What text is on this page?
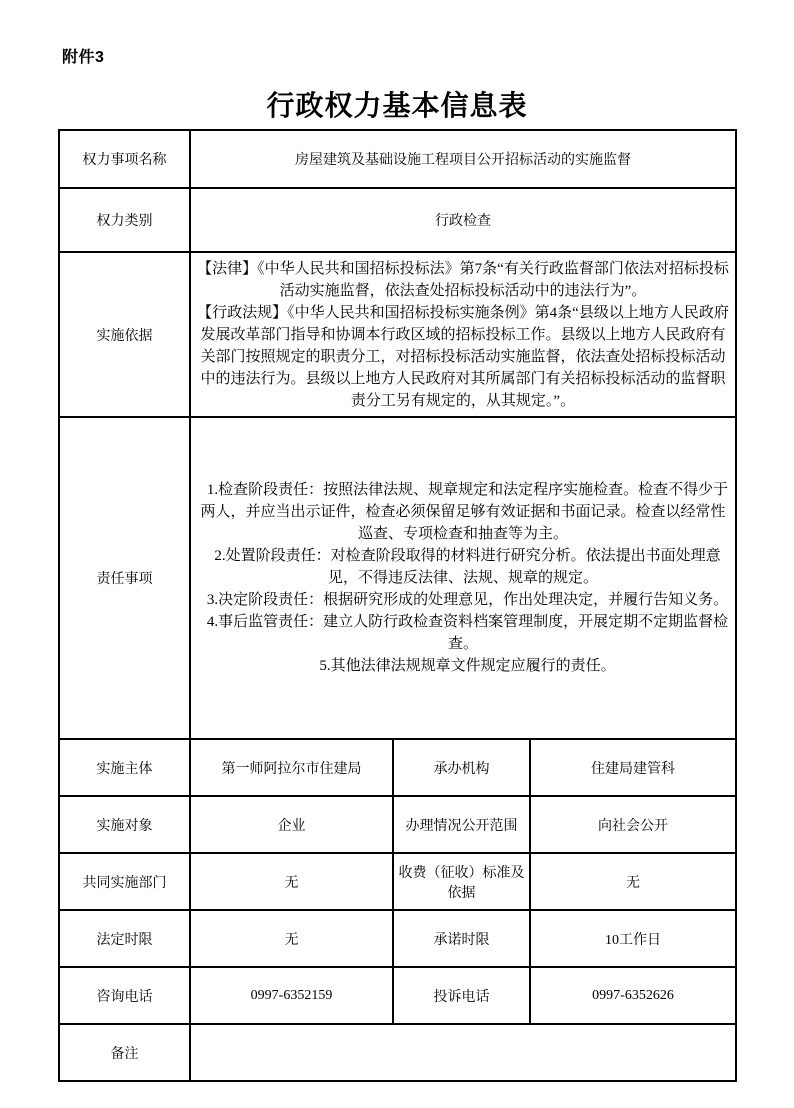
附件3
行政权力基本信息表
权力事项名称	房屋建筑及基础设施工程项目公开招标活动的实施监督		
权力类别	行政检查		
实施依据	【法律】《中华人民共和国招标投标法》第7条“有关行政监督部门依法对招标投标活动实施监督，依法查处招标投标活动中的违法行为”。

【行政法规】《中华人民共和国招标投标实施条例》第4条“县级以上地方人民政府发展改革部门指导和协调本行政区域的招标投标工作。县级以上地方人民政府有关部门按照规定的职责分工，对招标投标活动实施监督，依法查处招标投标活动中的违法行为。县级以上地方人民政府对其所属部门有关招标投标活动的监督职责分工另有规定的，从其规定。”。		

责任事项	1.检查阶段责任：按照法律法规、规章规定和法定程序实施检查。检查不得少于两人，并应当出示证件，检查必须保留足够有效证据和书面记录。检查以经常性巡查、专项检查和抽查等为主。

2.处置阶段责任：对检查阶段取得的材料进行研究分析。依法提出书面处理意见，不得违反法律、法规、规章的规定。

3.决定阶段责任：根据研究形成的处理意见，作出处理决定，并履行告知义务。

4.事后监管责任：建立人防行政检查资料档案管理制度，开展定期不定期监督检查。

5.其他法律法规规章文件规定应履行的责任。		

实施主体	第一师阿拉尔市住建局	承办机构	住建局建管科
实施对象	企业	办理情况公开范围	向社会公开
共同实施部门	无	收费（征收）标准及依据	无
法定时限	无	承诺时限	10工作日
咨询电话	0997-6352159	投诉电话	0997-6352626
备注			
